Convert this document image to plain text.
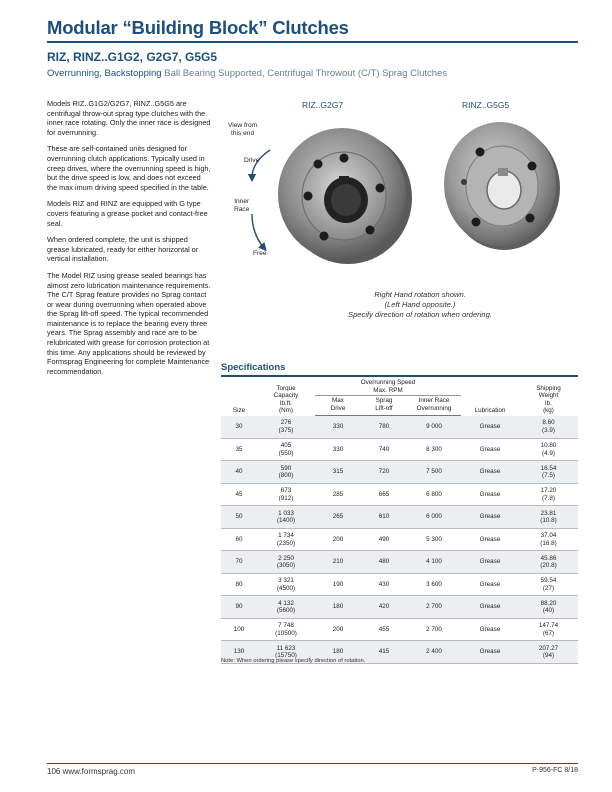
Modular “Building Block” Clutches
RIZ, RINZ..G1G2, G2G7, G5G5
Overrunning, Backstopping Ball Bearing Supported, Centrifugal Throwout (C/T) Sprag Clutches

Models RIZ..G1G2/G2G7, RINZ..G5G5 are centrifugal throw-out sprag type clutches with the inner race rotating. Only the inner race is designed for overrunning.

These are self-contained units designed for overrunning clutch applications. Typically used in creep drives, where the overrunning speed is high, but the drive speed is low, and does not exceed the max imum driving speed specified in the table.

Models RIZ and RINZ are equipped with G type covers featuring a grease pocket and contact-free seal.

When ordered complete, the unit is shipped grease lubricated, ready for either horizontal or vertical installation.

The Model RIZ using grease sealed bearings has almost zero lubrication maintenance requirements. The C/T Sprag feature provides no Sprag contact or wear during overrunning when operated above the Sprag lift-off speed. The typical recommended maintenance is to replace the bearing every three years. The Sprag assembly and race are to be relubricated with grease for corrosion protection at this time. Any applications should be reviewed by Formsprag Engineering for complete Maintenance recommendation.

RIZ..G2G7	RINZ..G5G5
View from
this end
Drive
Inner
Race
Free
Right Hand rotation shown.
(Left Hand opposite.)
Specify direction of rotation when ordering.
Specifications
Size	Torque
Capacity
lb.ft.
(Nm)	Overrunning Speed
Max. RPM			Lubrication	Shipping
Weight
lb.
(kg)
		Max
Drive	Sprag
Lift-off	Inner Race
Overrunning		
30	276
(375)	330	780	9 000	Grease	8.60
(3.9)
35	405
(550)	330	740	8 300	Grease	10.80
(4.9)
40	590
(800)	315	720	7 500	Grease	16.54
(7.5)
45	673
(912)	285	665	6 800	Grease	17.20
(7.8)
50	1 033
(1400)	265	610	6 000	Grease	23.81
(10.8)
60	1 734
(2350)	200	490	5 300	Grease	37.04
(16.8)
70	2 250
(3050)	210	480	4 100	Grease	45.86
(20.8)
80	3 321
(4500)	190	430	3 600	Grease	59.54
(27)
90	4 132
(5600)	180	420	2 700	Grease	88.20
(40)
100	7 748
(10500)	200	455	2 700	Grease	147.74
(67)
130	11 623
(15750)	180	415	2 400	Grease	207.27
(94)
Note: When ordering please specify direction of rotation.
106 www.formsprag.com	P-956-FC 8/18
